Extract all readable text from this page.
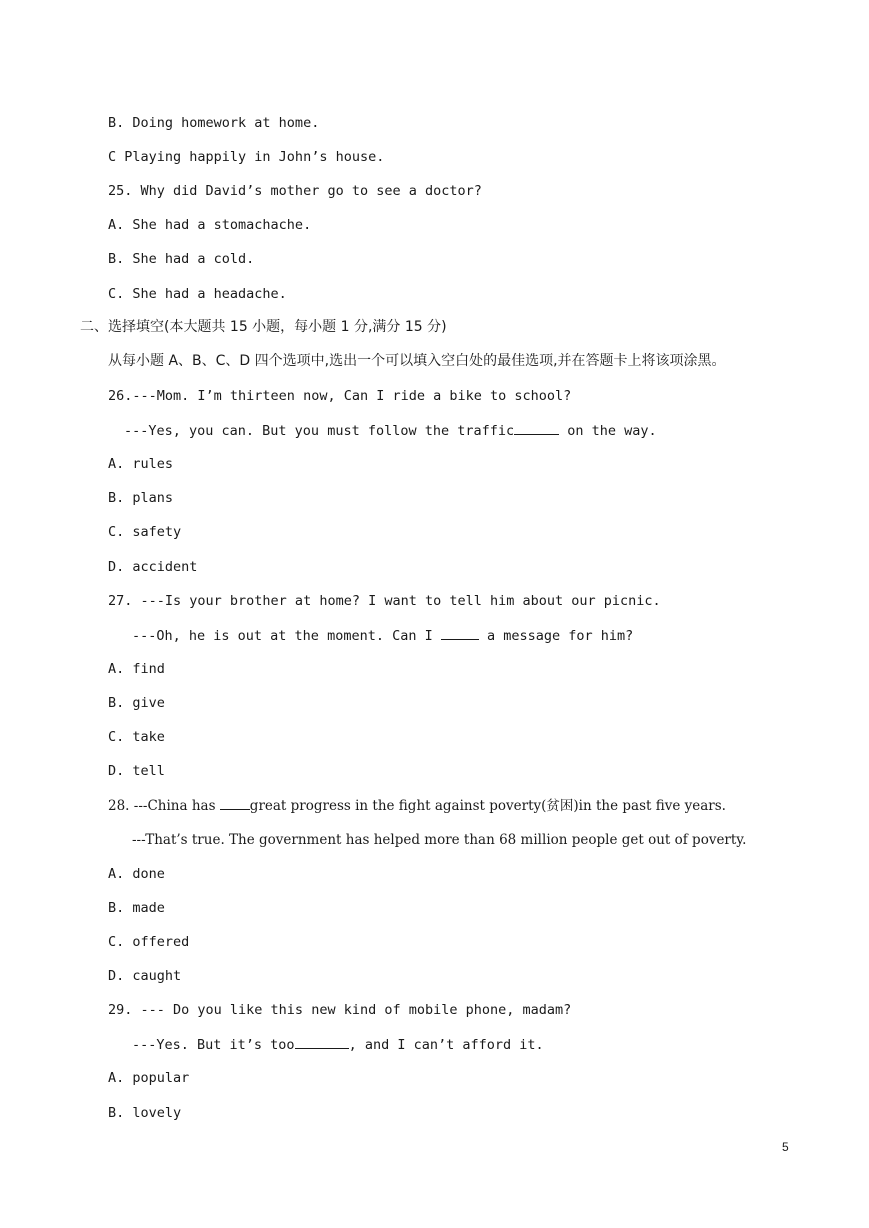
B. Doing homework at home.
C Playing happily in John’s house.
25. Why did David’s mother go to see a doctor?
A. She had a stomachache.
B. She had a cold.
C. She had a headache.
二、选择填空(本大题共 15 小题，每小题 1 分,满分 15 分)
从每小题 A、B、C、D 四个选项中,选出一个可以填入空白处的最佳选项,并在答题卡上将该项涂黑。
26.---Mom. I’m thirteen now, Can I ride a bike to school?
---Yes, you can. But you must follow the traffic	on the way.
A. rules
B. plans
C. safety
D. accident
27. ---Is your brother at home? I want to tell him about our picnic.
---Oh, he is out at the moment. Can I	a message for him?
A. find
B. give
C. take
D. tell
28. ---China has great progress in the fight against poverty(贫困)in the past five years.
---That’s true. The government has helped more than 68 million people get out of poverty.
A. done
B. made
C. offered
D. caught
29. --- Do you like this new kind of mobile phone, madam?
---Yes. But it’s too	, and I can’t afford it.
A. popular
B. lovely
5
